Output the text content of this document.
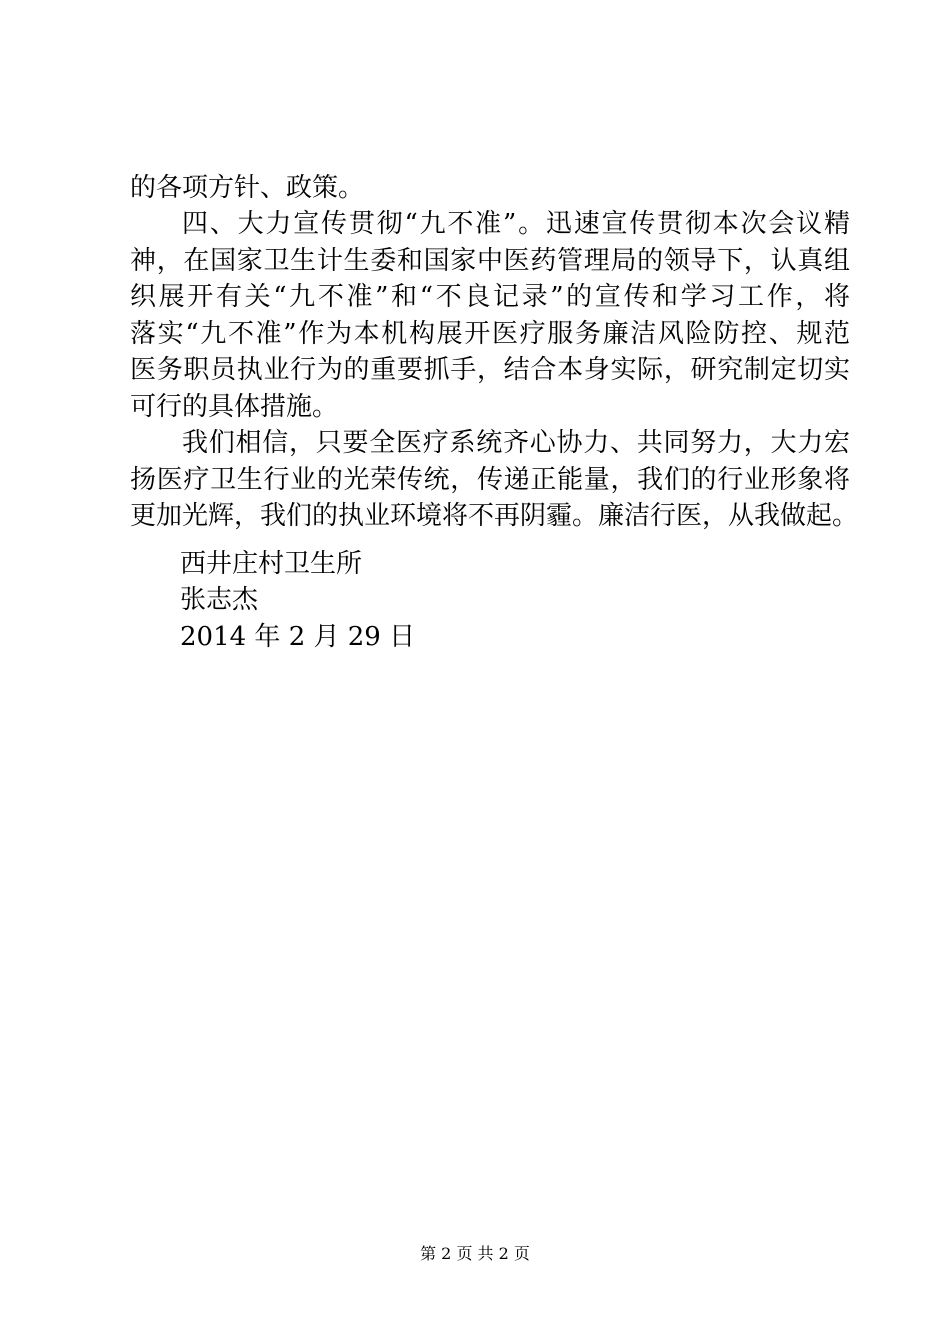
的各项方针、政策。
四、大力宣传贯彻“九不准”。迅速宣传贯彻本次会议精
神，在国家卫生计生委和国家中医药管理局的领导下，认真组
织展开有关“九不准”和“不良记录”的宣传和学习工作，将
落实“九不准”作为本机构展开医疗服务廉洁风险防控、规范
医务职员执业行为的重要抓手，结合本身实际，研究制定切实
可行的具体措施。
我们相信，只要全医疗系统齐心协力、共同努力，大力宏
扬医疗卫生行业的光荣传统，传递正能量，我们的行业形象将
更加光辉，我们的执业环境将不再阴霾。廉洁行医，从我做起。
西井庄村卫生所
张志杰
2014 年 2 月 29 日
第 2 页 共 2 页
